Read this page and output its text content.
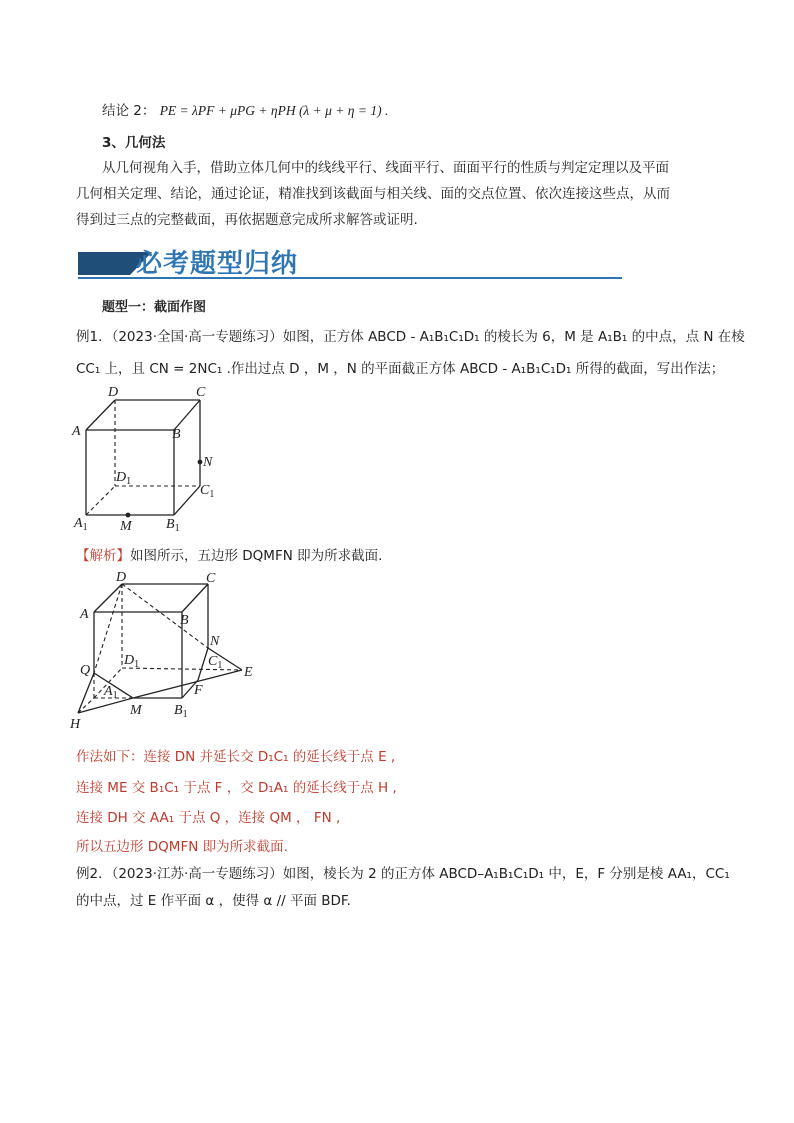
结论 2： PE = λPF + μPG + ηPH (λ + μ + η = 1) .
3、几何法
从几何视角入手，借助立体几何中的线线平行、线面平行、面面平行的性质与判定定理以及平面
几何相关定理、结论，通过论证，精准找到该截面与相关线、面的交点位置、依次连接这些点，从而
得到过三点的完整截面，再依据题意完成所求解答或证明.
必考题型归纳
题型一：截面作图
例1．（2023·全国·高一专题练习）如图，正方体 ABCD - A₁B₁C₁D₁ 的棱长为 6，M 是 A₁B₁ 的中点，点 N 在棱
CC₁ 上，且 CN = 2NC₁ .作出过点 D ，M ，N 的平面截正方体 ABCD - A₁B₁C₁D₁ 所得的截面，写出作法；
D	C
A	B
N
$D_1$
$C_1$
$A_1$ M $B_1$
【解析】如图所示，五边形 DQMFN 即为所求截面.
D	C
A	B
N
Q
$D_1$	$C_1$ E
$A_1$	F
H
M $B_1$
作法如下：连接 DN 并延长交 D₁C₁ 的延长线于点 E ,
连接 ME 交 B₁C₁ 于点 F ，交 D₁A₁ 的延长线于点 H ,
连接 DH 交 AA₁ 于点 Q ，连接 QM ， FN ,
所以五边形 DQMFN 即为所求截面.
例2．（2023·江苏·高一专题练习）如图，棱长为 2 的正方体 ABCD–A₁B₁C₁D₁ 中，E，F 分别是棱 AA₁，CC₁
的中点，过 E 作平面 α ，使得 α // 平面 BDF.
